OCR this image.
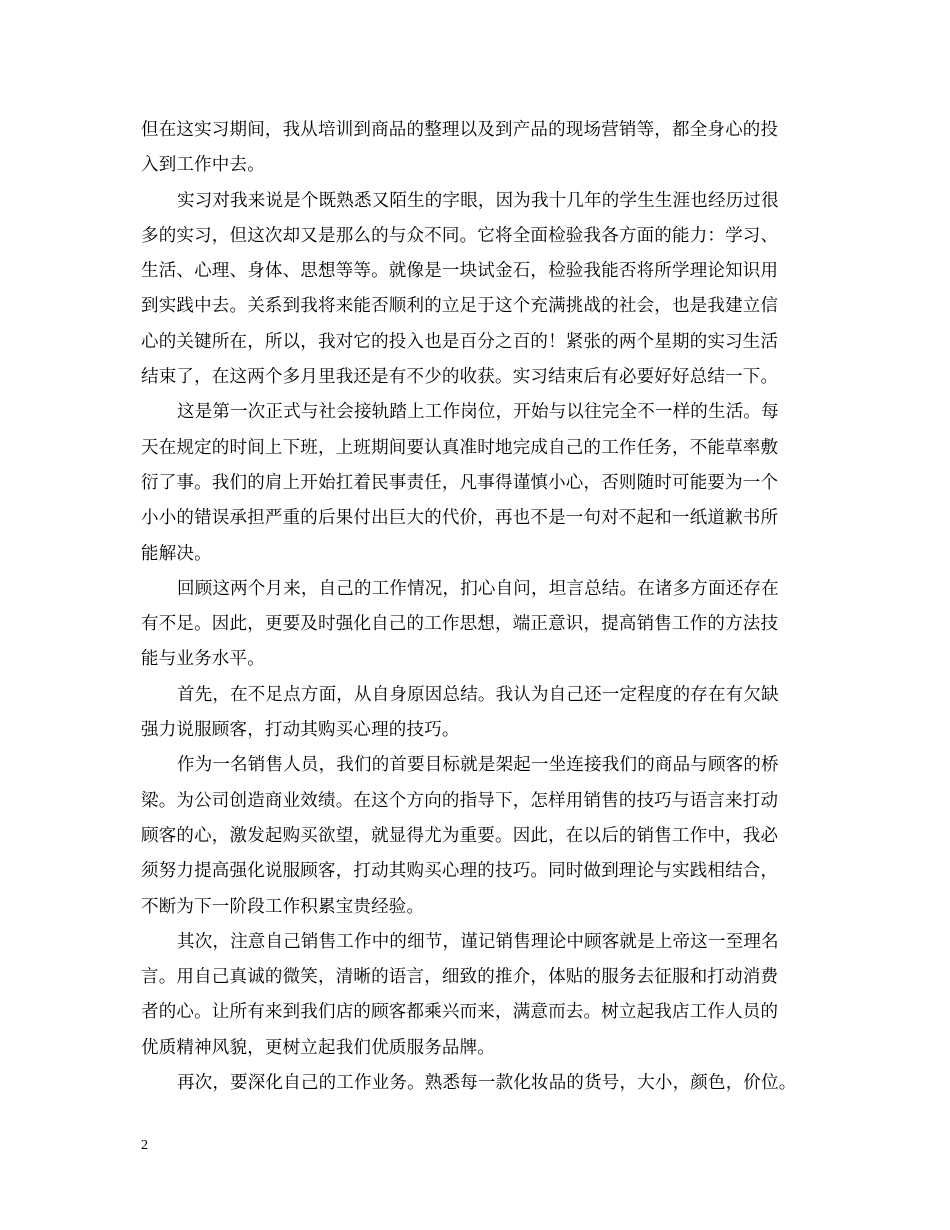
但在这实习期间，我从培训到商品的整理以及到产品的现场营销等，都全身心的投
入到工作中去。
实习对我来说是个既熟悉又陌生的字眼，因为我十几年的学生生涯也经历过很
多的实习，但这次却又是那么的与众不同。它将全面检验我各方面的能力：学习、
生活、心理、身体、思想等等。就像是一块试金石，检验我能否将所学理论知识用
到实践中去。关系到我将来能否顺利的立足于这个充满挑战的社会，也是我建立信
心的关键所在，所以，我对它的投入也是百分之百的！紧张的两个星期的实习生活
结束了，在这两个多月里我还是有不少的收获。实习结束后有必要好好总结一下。
这是第一次正式与社会接轨踏上工作岗位，开始与以往完全不一样的生活。每
天在规定的时间上下班，上班期间要认真准时地完成自己的工作任务，不能草率敷
衍了事。我们的肩上开始扛着民事责任，凡事得谨慎小心，否则随时可能要为一个
小小的错误承担严重的后果付出巨大的代价，再也不是一句对不起和一纸道歉书所
能解决。
回顾这两个月来，自己的工作情况，扪心自问，坦言总结。在诸多方面还存在
有不足。因此，更要及时强化自己的工作思想，端正意识，提高销售工作的方法技
能与业务水平。
首先，在不足点方面，从自身原因总结。我认为自己还一定程度的存在有欠缺
强力说服顾客，打动其购买心理的技巧。
作为一名销售人员，我们的首要目标就是架起一坐连接我们的商品与顾客的桥
梁。为公司创造商业效绩。在这个方向的指导下，怎样用销售的技巧与语言来打动
顾客的心，激发起购买欲望，就显得尤为重要。因此，在以后的销售工作中，我必
须努力提高强化说服顾客，打动其购买心理的技巧。同时做到理论与实践相结合，
不断为下一阶段工作积累宝贵经验。
其次，注意自己销售工作中的细节，谨记销售理论中顾客就是上帝这一至理名
言。用自己真诚的微笑，清晰的语言，细致的推介，体贴的服务去征服和打动消费
者的心。让所有来到我们店的顾客都乘兴而来，满意而去。树立起我店工作人员的
优质精神风貌，更树立起我们优质服务品牌。
再次，要深化自己的工作业务。熟悉每一款化妆品的货号，大小，颜色，价位。
2
